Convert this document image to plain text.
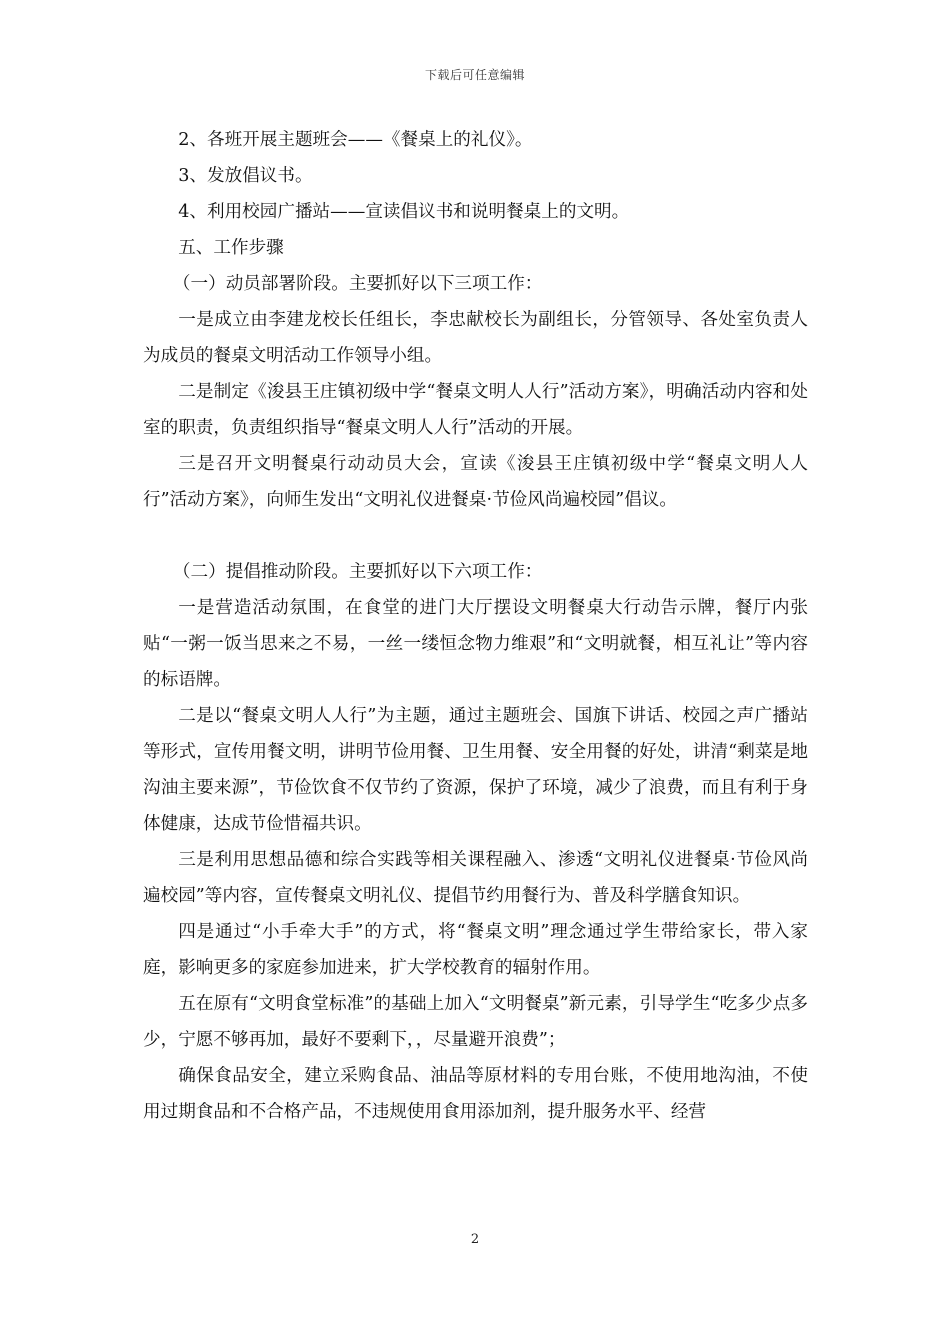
下载后可任意编辑

2、各班开展主题班会——《餐桌上的礼仪》。

3、发放倡议书。

4、利用校园广播站——宣读倡议书和说明餐桌上的文明。

五、工作步骤

（一）动员部署阶段。主要抓好以下三项工作：

一是成立由李建龙校长任组长，李忠献校长为副组长，分管领导、各处室负责人为成员的餐桌文明活动工作领导小组。

二是制定《浚县王庄镇初级中学“餐桌文明人人行”活动方案》，明确活动内容和处室的职责，负责组织指导“餐桌文明人人行”活动的开展。

三是召开文明餐桌行动动员大会，宣读《浚县王庄镇初级中学“餐桌文明人人行”活动方案》，向师生发出“文明礼仪进餐桌·节俭风尚遍校园”倡议。

（二）提倡推动阶段。主要抓好以下六项工作：

一是营造活动氛围，在食堂的进门大厅摆设文明餐桌大行动告示牌，餐厅内张贴“一粥一饭当思来之不易，一丝一缕恒念物力维艰”和“文明就餐，相互礼让”等内容的标语牌。

二是以“餐桌文明人人行”为主题，通过主题班会、国旗下讲话、校园之声广播站等形式，宣传用餐文明，讲明节俭用餐、卫生用餐、安全用餐的好处，讲清“剩菜是地沟油主要来源”，节俭饮食不仅节约了资源，保护了环境，减少了浪费，而且有利于身体健康，达成节俭惜福共识。

三是利用思想品德和综合实践等相关课程融入、渗透“文明礼仪进餐桌·节俭风尚遍校园”等内容，宣传餐桌文明礼仪、提倡节约用餐行为、普及科学膳食知识。

四是通过“小手牵大手”的方式，将“餐桌文明”理念通过学生带给家长，带入家庭，影响更多的家庭参加进来，扩大学校教育的辐射作用。

五在原有“文明食堂标准”的基础上加入“文明餐桌”新元素，引导学生“吃多少点多少，宁愿不够再加，最好不要剩下，，尽量避开浪费”；

确保食品安全，建立采购食品、油品等原材料的专用台账，不使用地沟油，不使用过期食品和不合格产品，不违规使用食用添加剂，提升服务水平、经营

2
